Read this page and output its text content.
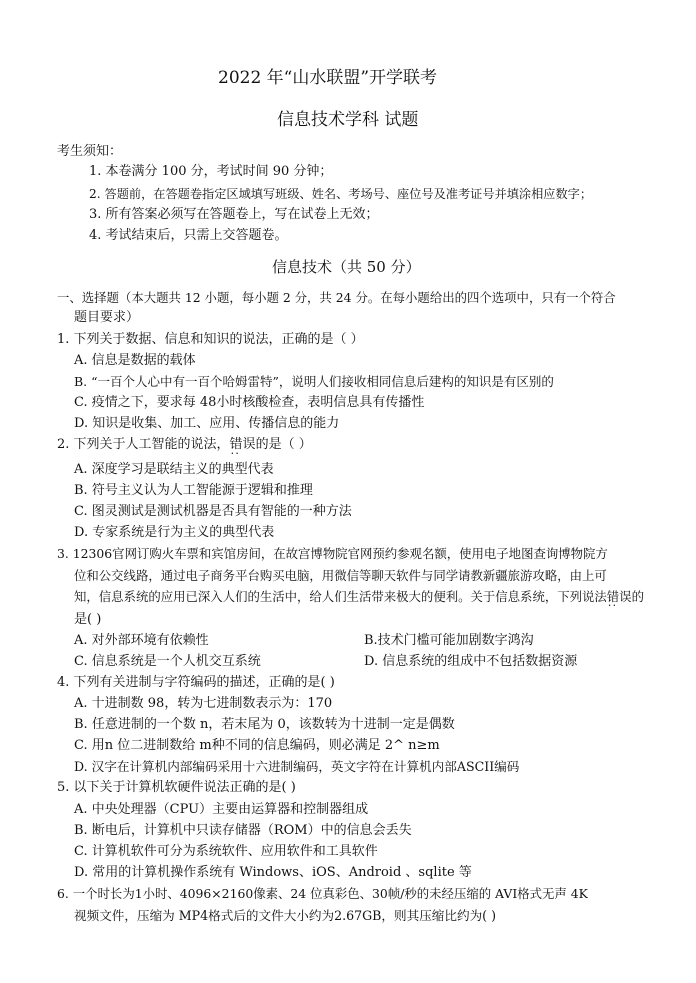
2022 年“山水联盟”开学联考
信息技术学科 试题
考生须知：
1. 本卷满分 100 分，考试时间 90 分钟；
2. 答题前，在答题卷指定区域填写班级、姓名、考场号、座位号及准考证号并填涂相应数字；
3. 所有答案必须写在答题卷上，写在试卷上无效；
4. 考试结束后，只需上交答题卷。
信息技术（共 50 分）
一、选择题（本大题共 12 小题，每小题 2 分，共 24 分。在每小题给出的四个选项中，只有一个符合
题目要求）
1. 下列关于数据、信息和知识的说法，正确的是（ ）
A. 信息是数据的载体
B. “一百个人心中有一百个哈姆雷特”，说明人们接收相同信息后建构的知识是有区别的
C. 疫情之下，要求每 48小时核酸检查，表明信息具有传播性
D. 知识是收集、加工、应用、传播信息的能力
2. 下列关于人工智能的说法，错误 ․․的是（ ）
A. 深度学习是联结主义的典型代表
B. 符号主义认为人工智能源于逻辑和推理
C. 图灵测试是测试机器是否具有智能的一种方法
D. 专家系统是行为主义的典型代表
3. 12306官网订购火车票和宾馆房间，在故宫博物院官网预约参观名额，使用电子地图查询博物院方
位和公交线路，通过电子商务平台购买电脑，用微信等聊天软件与同学请教新疆旅游攻略，由上可
知，信息系统的应用已深入人们的生活中，给人们生活带来极大的便利。关于信息系统，下列说法错误 ․․的
是( )
A. 对外部环境有依赖性	B.技术门槛可能加剧数字鸿沟
C. 信息系统是一个人机交互系统	D. 信息系统的组成中不包括数据资源
4. 下列有关进制与字符编码的描述，正确的是( )
A. 十进制数 98，转为七进制数表示为：170
B. 任意进制的一个数 n，若末尾为 0，该数转为十进制一定是偶数
C. 用n 位二进制数给 m种不同的信息编码，则必满足 2^ n≥m
D. 汉字在计算机内部编码采用十六进制编码，英文字符在计算机内部ASCII编码
5. 以下关于计算机软硬件说法正确的是( )
A. 中央处理器（CPU）主要由运算器和控制器组成
B. 断电后，计算机中只读存储器（ROM）中的信息会丢失
C. 计算机软件可分为系统软件、应用软件和工具软件
D. 常用的计算机操作系统有 Windows、iOS、Android 、sqlite 等
6. 一个时长为1小时、4096×2160像素、24 位真彩色、30帧/秒的未经压缩的 AVI格式无声 4K
视频文件，压缩为 MP4格式后的文件大小约为2.67GB，则其压缩比约为( )
